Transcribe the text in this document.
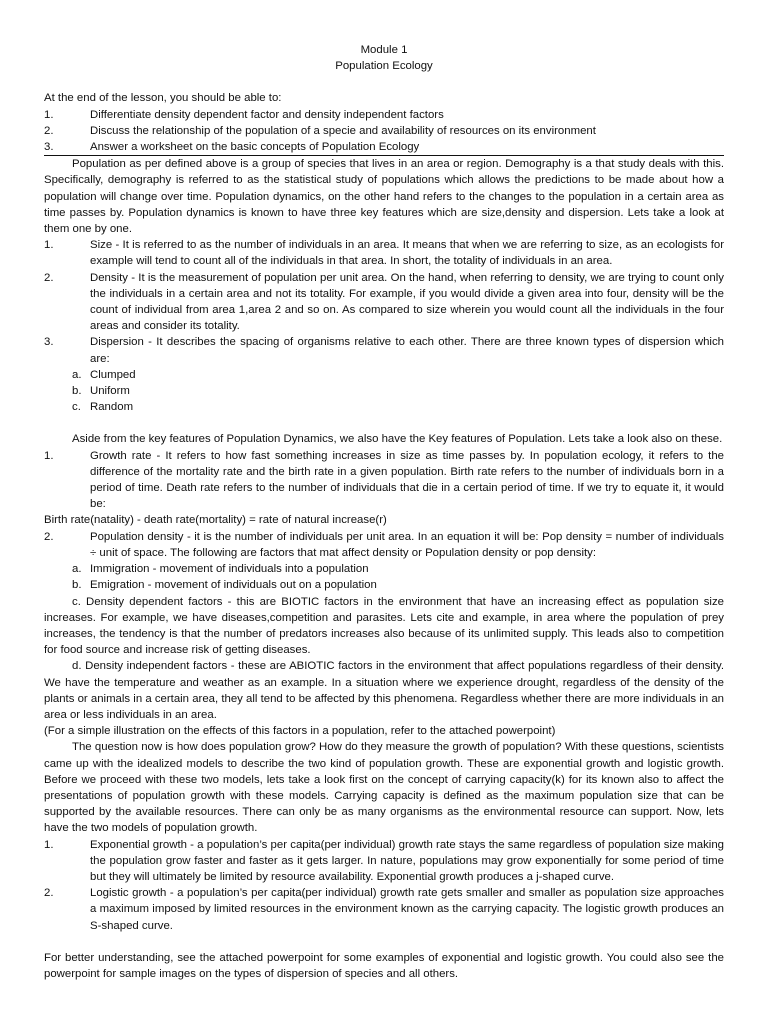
Module 1
Population Ecology
At the end of the lesson, you should be able to:
1.	Differentiate density dependent factor and density independent factors
2.	Discuss the relationship of the population of a specie and availability of resources on its environment
3.	Answer a worksheet on the basic concepts of Population Ecology

Population as per defined above is a group of species that lives in an area or region. Demography is a that study deals with this. Specifically, demography is referred to as the statistical study of populations which allows the predictions to be made about how a population will change over time. Population dynamics, on the other hand refers to the changes to the population in a certain area as time passes by. Population dynamics is known to have three key features which are size,density and dispersion. Lets take a look at them one by one.

1.	Size - It is referred to as the number of individuals in an area. It means that when we are referring to size, as an ecologists for example will tend to count all of the individuals in that area. In short, the totality of individuals in an area.
2.	Density - It is the measurement of population per unit area. On the hand, when referring to density, we are trying to count only the individuals in a certain area and not its totality. For example, if you would divide a given area into four, density will be the count of individual from area 1,area 2 and so on. As compared to size wherein you would count all the individuals in the four areas and consider its totality.
3.	Dispersion - It describes the spacing of organisms relative to each other. There are three known types of dispersion which are:
a. Clumped
b. Uniform
c. Random

Aside from the key features of Population Dynamics, we also have the Key features of Population. Lets take a look also on these.

1.	Growth rate - It refers to how fast something increases in size as time passes by. In population ecology, it refers to the difference of the mortality rate and the birth rate in a given population. Birth rate refers to the number of individuals born in a period of time. Death rate refers to the number of individuals that die in a certain period of time. If we try to equate it, it would be:
Birth rate(natality) - death rate(mortality) = rate of natural increase(r)
2.	Population density - it is the number of individuals per unit area. In an equation it will be: Pop density = number of individuals ÷ unit of space. The following are factors that mat affect density or Population density or pop density:
a. Immigration - movement of individuals into a population
b. Emigration - movement of individuals out on a population

c. Density dependent factors - this are BIOTIC factors in the environment that have an increasing effect as population size increases. For example, we have diseases,competition and parasites. Lets cite and example, in area where the population of prey increases, the tendency is that the number of predators increases also because of its unlimited supply. This leads also to competition for food source and increase risk of getting diseases.

d. Density independent factors - these are ABIOTIC factors in the environment that affect populations regardless of their density. We have the temperature and weather as an example. In a situation where we experience drought, regardless of the density of the plants or animals in a certain area, they all tend to be affected by this phenomena. Regardless whether there are more individuals in an area or less individuals in an area.

(For a simple illustration on the effects of this factors in a population, refer to the attached powerpoint)

The question now is how does population grow? How do they measure the growth of population? With these questions, scientists came up with the idealized models to describe the two kind of population growth. These are exponential growth and logistic growth. Before we proceed with these two models, lets take a look first on the concept of carrying capacity(k) for its known also to affect the presentations of population growth with these models. Carrying capacity is defined as the maximum population size that can be supported by the available resources. There can only be as many organisms as the environmental resource can support. Now, lets have the two models of population growth.

1.	Exponential growth - a population’s per capita(per individual) growth rate stays the same regardless of population size making the population grow faster and faster as it gets larger. In nature, populations may grow exponentially for some period of time but they will ultimately be limited by resource availability. Exponential growth produces a j-shaped curve.
2.	Logistic growth - a population’s per capita(per individual) growth rate gets smaller and smaller as population size approaches a maximum imposed by limited resources in the environment known as the carrying capacity. The logistic growth produces an S-shaped curve.

For better understanding, see the attached powerpoint for some examples of exponential and logistic growth. You could also see the powerpoint for sample images on the types of dispersion of species and all others.
